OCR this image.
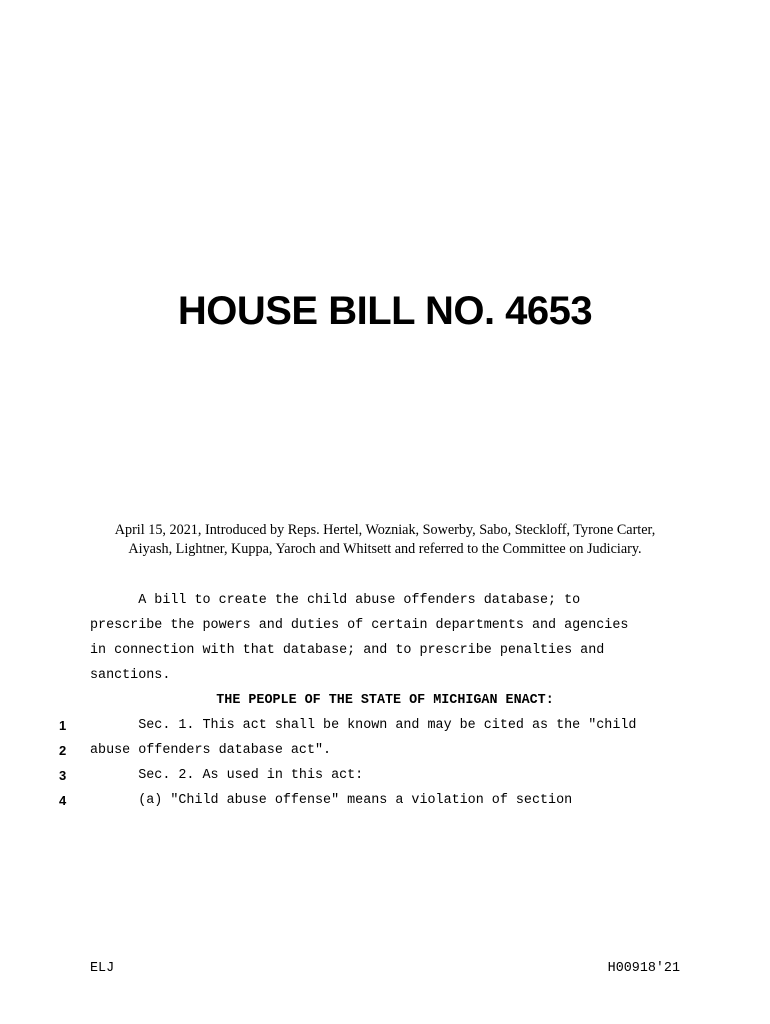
HOUSE BILL NO. 4653
April 15, 2021, Introduced by Reps. Hertel, Wozniak, Sowerby, Sabo, Steckloff, Tyrone Carter,
Aiyash, Lightner, Kuppa, Yaroch and Whitsett and referred to the Committee on Judiciary.
A bill to create the child abuse offenders database; to
prescribe the powers and duties of certain departments and agencies
in connection with that database; and to prescribe penalties and
sanctions.
THE PEOPLE OF THE STATE OF MICHIGAN ENACT:
1	Sec. 1. This act shall be known and may be cited as the "child
2	abuse offenders database act".
3	Sec. 2. As used in this act:
4	(a) "Child abuse offense" means a violation of section
ELJ	H00918'21
